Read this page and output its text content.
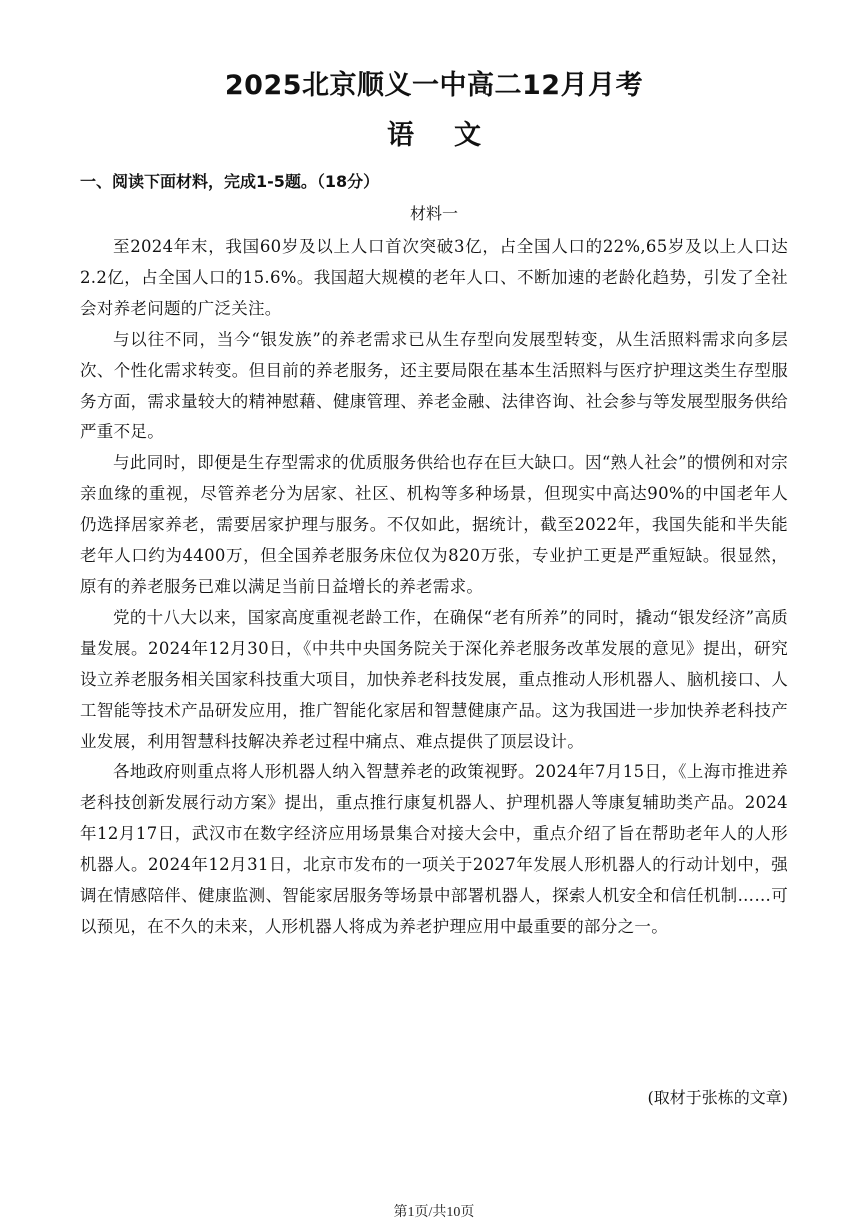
2025北京顺义一中高二12月月考
语文
一、阅读下面材料，完成1-5题。（18分）
材料一

至2024年末，我国60岁及以上人口首次突破3亿，占全国人口的22%,65岁及以上人口达2.2亿，占全国人口的15.6%。我国超大规模的老年人口、不断加速的老龄化趋势，引发了全社会对养老问题的广泛关注。

与以往不同，当今“银发族”的养老需求已从生存型向发展型转变，从生活照料需求向多层次、个性化需求转变。但目前的养老服务，还主要局限在基本生活照料与医疗护理这类生存型服务方面，需求量较大的精神慰藉、健康管理、养老金融、法律咨询、社会参与等发展型服务供给严重不足。

与此同时，即便是生存型需求的优质服务供给也存在巨大缺口。因“熟人社会”的惯例和对宗亲血缘的重视，尽管养老分为居家、社区、机构等多种场景，但现实中高达90%的中国老年人仍选择居家养老，需要居家护理与服务。不仅如此，据统计，截至2022年，我国失能和半失能老年人口约为4400万，但全国养老服务床位仅为820万张，专业护工更是严重短缺。很显然，原有的养老服务已难以满足当前日益增长的养老需求。

党的十八大以来，国家高度重视老龄工作，在确保“老有所养”的同时，撬动“银发经济”高质量发展。2024年12月30日，《中共中央国务院关于深化养老服务改革发展的意见》提出，研究设立养老服务相关国家科技重大项目，加快养老科技发展，重点推动人形机器人、脑机接口、人工智能等技术产品研发应用，推广智能化家居和智慧健康产品。这为我国进一步加快养老科技产业发展，利用智慧科技解决养老过程中痛点、难点提供了顶层设计。

各地政府则重点将人形机器人纳入智慧养老的政策视野。2024年7月15日，《上海市推进养老科技创新发展行动方案》提出，重点推行康复机器人、护理机器人等康复辅助类产品。2024年12月17日，武汉市在数字经济应用场景集合对接大会中，重点介绍了旨在帮助老年人的人形机器人。2024年12月31日，北京市发布的一项关于2027年发展人形机器人的行动计划中，强调在情感陪伴、健康监测、智能家居服务等场景中部署机器人，探索人机安全和信任机制……可以预见，在不久的未来，人形机器人将成为养老护理应用中最重要的部分之一。

(取材于张栋的文章)
第1页/共10页
